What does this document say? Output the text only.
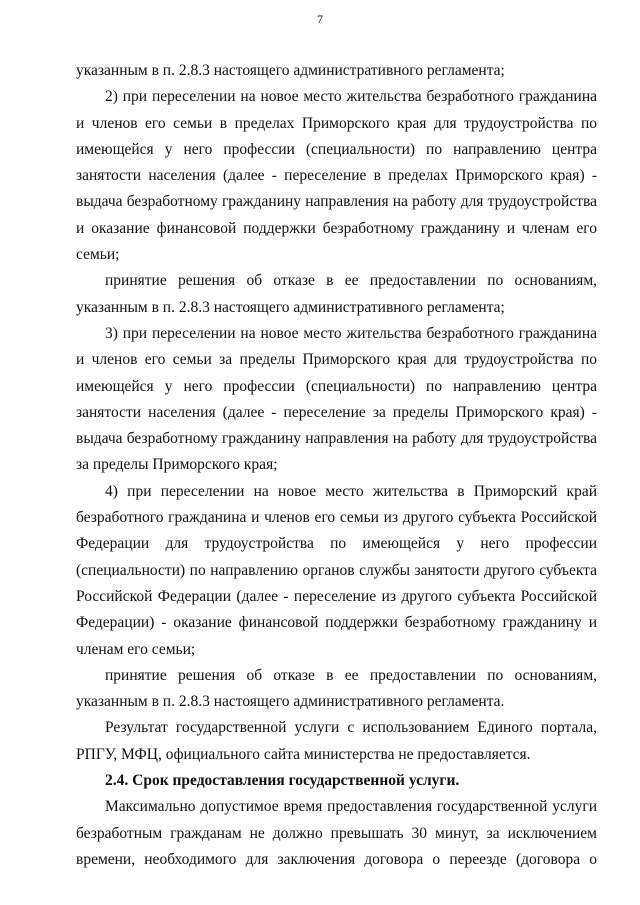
7

указанным в п. 2.8.3 настоящего административного регламента;

2) при переселении на новое место жительства безработного гражданина и членов его семьи в пределах Приморского края для трудоустройства по имеющейся у него профессии (специальности) по направлению центра занятости населения (далее - переселение в пределах Приморского края) - выдача безработному гражданину направления на работу для трудоустройства и оказание финансовой поддержки безработному гражданину и членам его семьи;

принятие решения об отказе в ее предоставлении по основаниям, указанным в п. 2.8.3 настоящего административного регламента;

3) при переселении на новое место жительства безработного гражданина и членов его семьи за пределы Приморского края для трудоустройства по имеющейся у него профессии (специальности) по направлению центра занятости населения (далее - переселение за пределы Приморского края) - выдача безработному гражданину направления на работу для трудоустройства за пределы Приморского края;

4) при переселении на новое место жительства в Приморский край безработного гражданина и членов его семьи из другого субъекта Российской Федерации для трудоустройства по имеющейся у него профессии (специальности) по направлению органов службы занятости другого субъекта Российской Федерации (далее - переселение из другого субъекта Российской Федерации) - оказание финансовой поддержки безработному гражданину и членам его семьи;

принятие решения об отказе в ее предоставлении по основаниям, указанным в п. 2.8.3 настоящего административного регламента.

Результат государственной услуги с использованием Единого портала, РПГУ, МФЦ, официального сайта министерства не предоставляется.

2.4. Срок предоставления государственной услуги.

Максимально допустимое время предоставления государственной услуги безработным гражданам не должно превышать 30 минут, за исключением времени, необходимого для заключения договора о переезде (договора о
